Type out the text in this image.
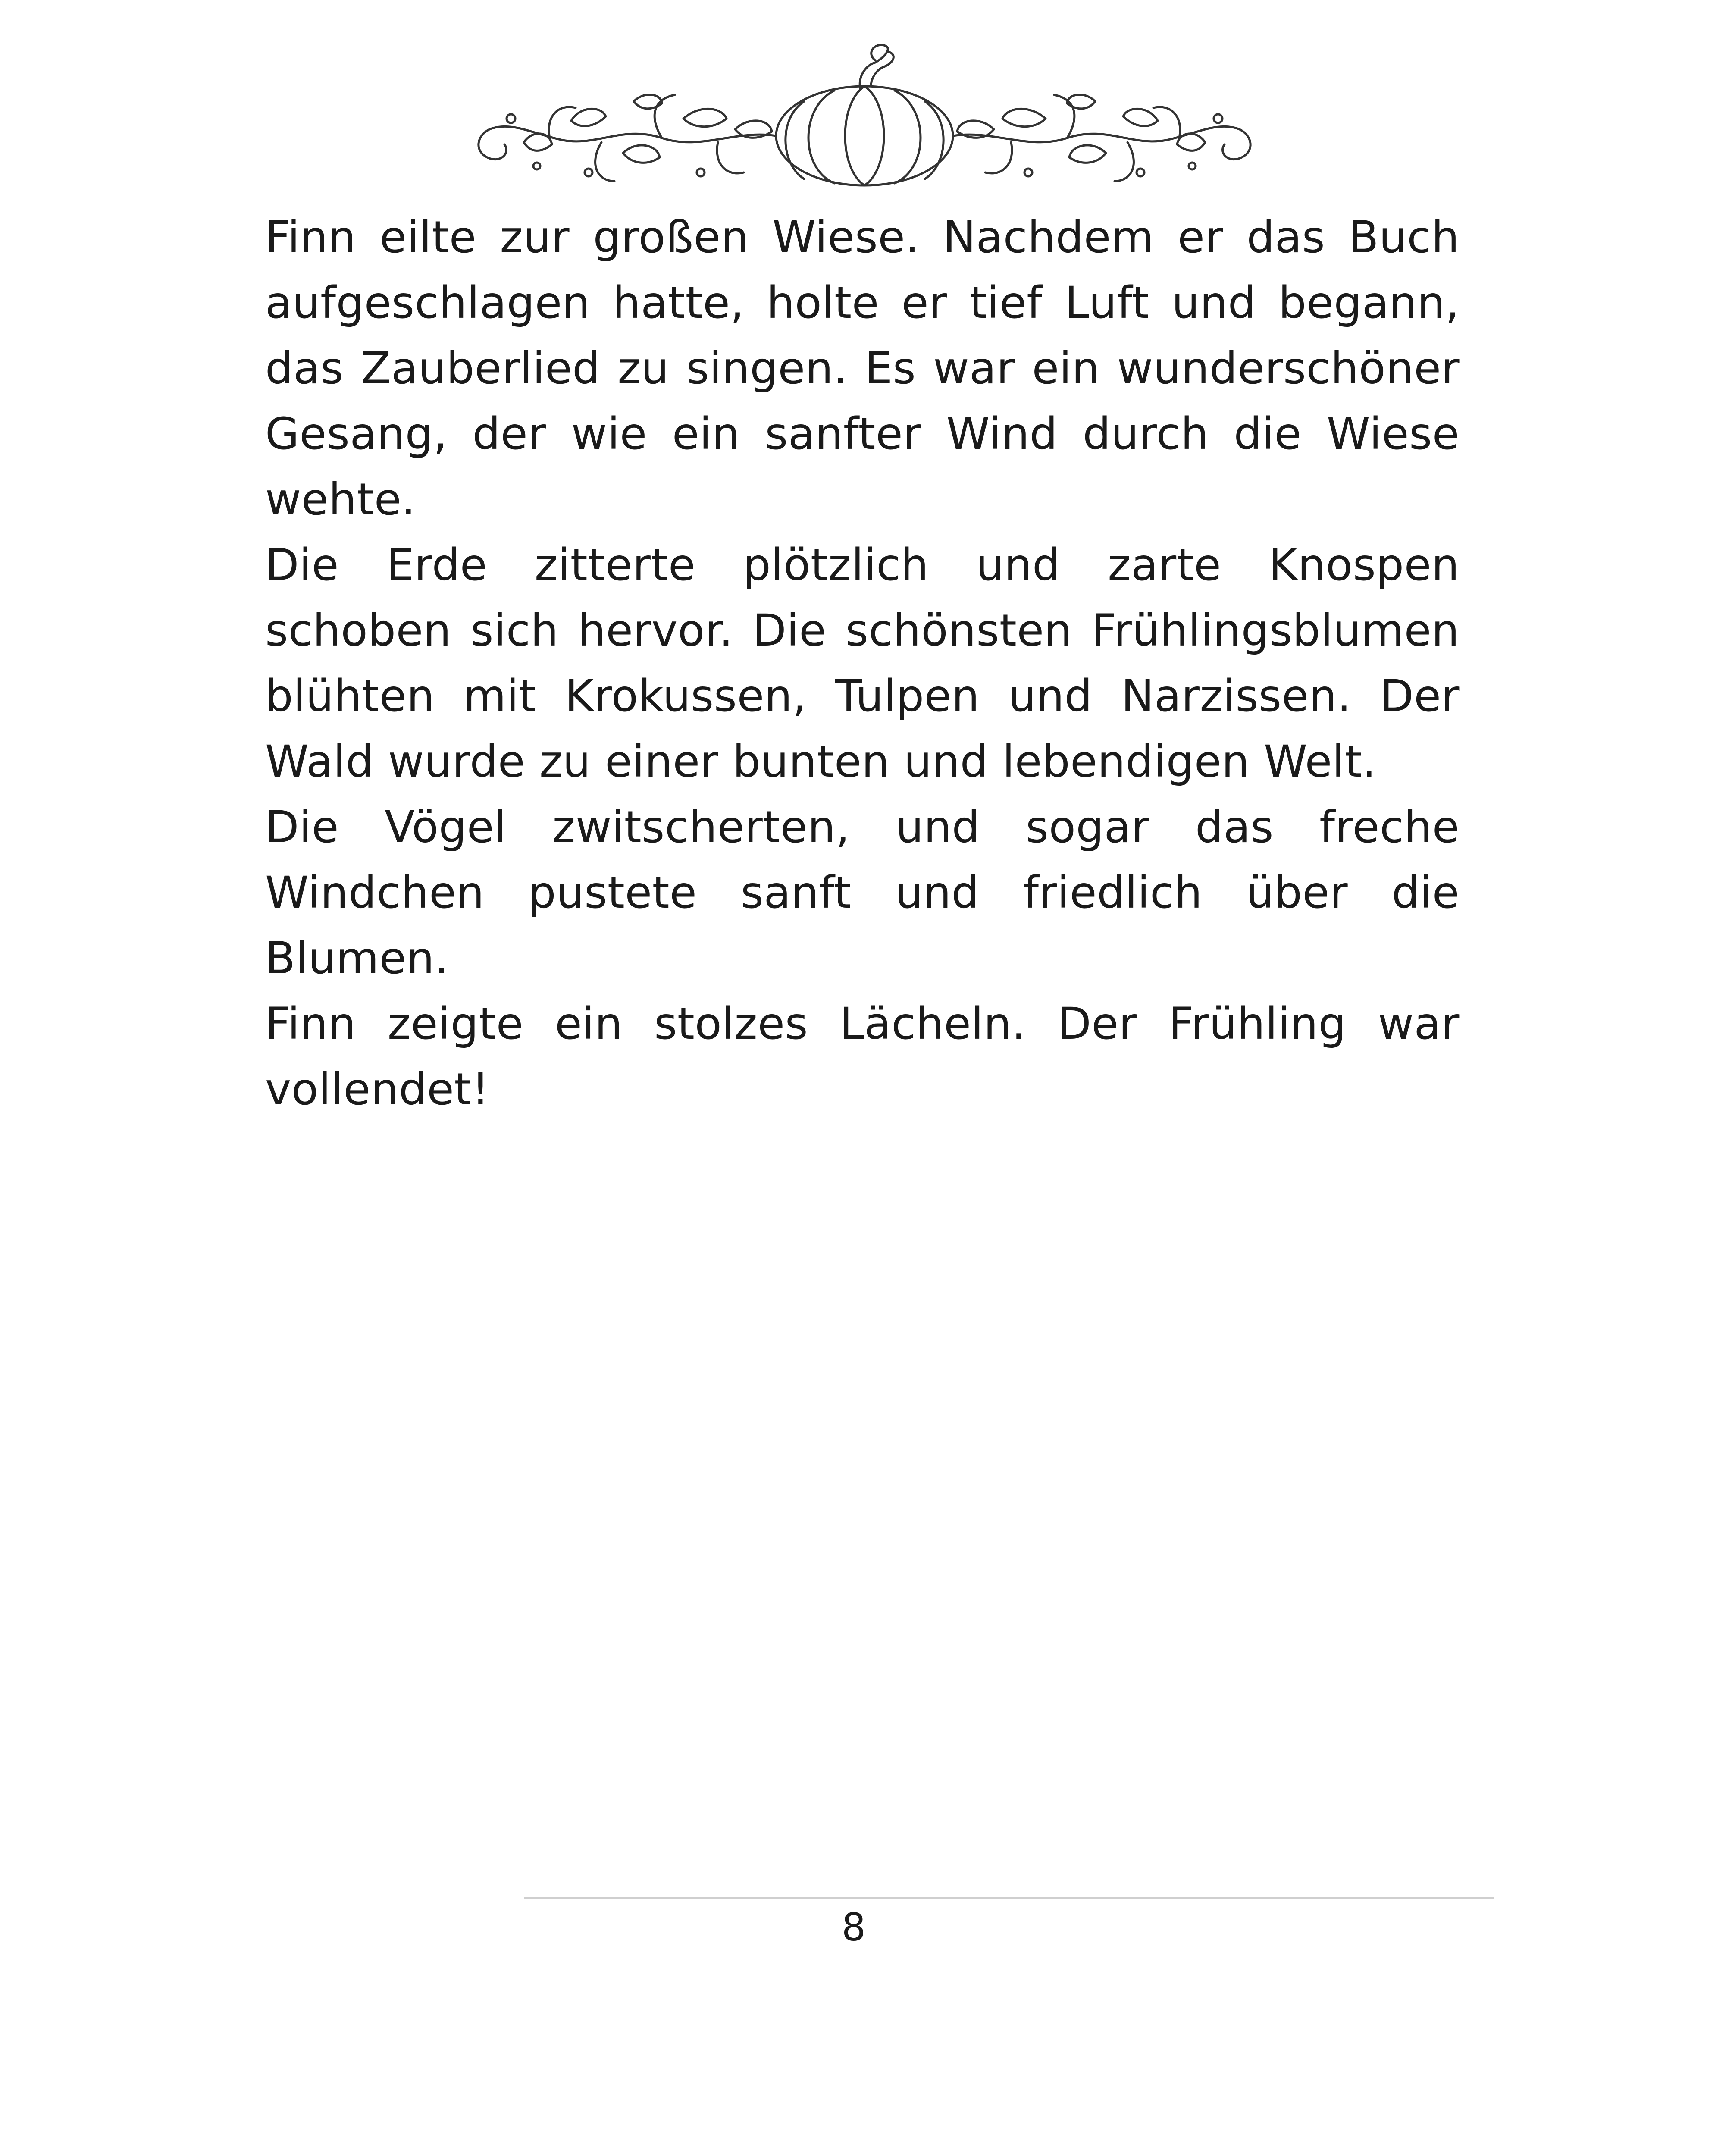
Finn eilte zur großen Wiese. Nachdem er das Buch aufgeschlagen hatte, holte er tief Luft und begann, das Zauberlied zu singen. Es war ein wunderschöner Gesang, der wie ein sanfter Wind durch die Wiese wehte.

Die Erde zitterte plötzlich und zarte Knospen schoben sich hervor. Die schönsten Frühlingsblumen blühten mit Krokussen, Tulpen und Narzissen. Der Wald wurde zu einer bunten und lebendigen Welt.

Die Vögel zwitscherten, und sogar das freche Windchen pustete sanft und friedlich über die Blumen.

Finn zeigte ein stolzes Lächeln. Der Frühling war vollendet!

8
